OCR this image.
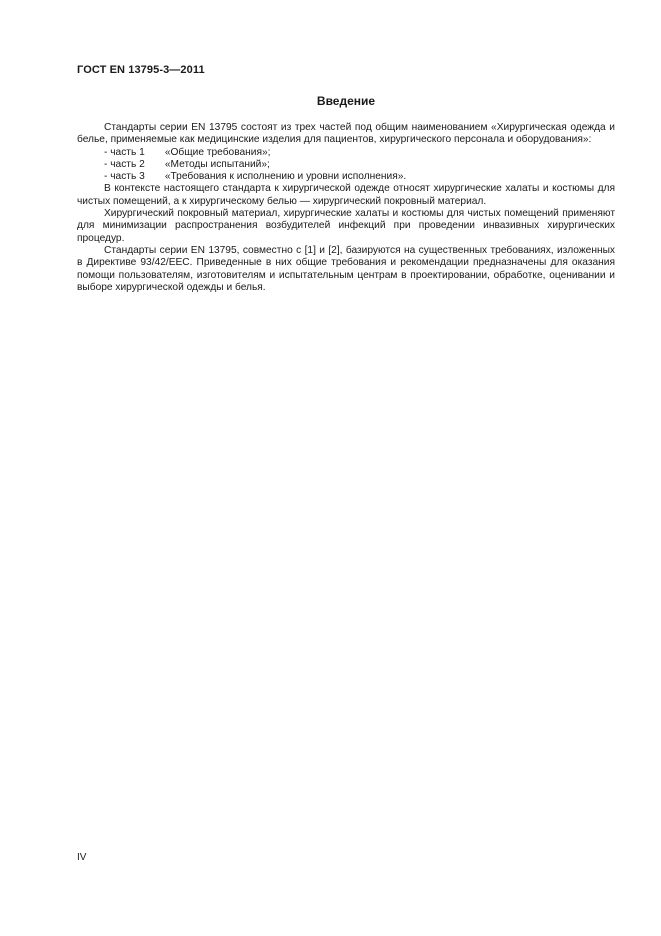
ГОСТ EN 13795-3—2011
Введение

Стандарты серии EN 13795 состоят из трех частей под общим наименованием «Хирургическая одежда и белье, применяемые как медицинские изделия для пациентов, хирургического персонала и оборудования»:

- часть 1 «Общие требования»;
- часть 2 «Методы испытаний»;
- часть 3 «Требования к исполнению и уровни исполнения».

В контексте настоящего стандарта к хирургической одежде относят хирургические халаты и костюмы для чистых помещений, а к хирургическому белью — хирургический покровный материал.

Хирургический покровный материал, хирургические халаты и костюмы для чистых помещений применяют для минимизации распространения возбудителей инфекций при проведении инвазивных хирургических процедур.

Стандарты серии EN 13795, совместно с [1] и [2], базируются на существенных требованиях, изложенных в Директиве 93/42/EEC. Приведенные в них общие требования и рекомендации предназначены для оказания помощи пользователям, изготовителям и испытательным центрам в проектировании, обработке, оценивании и выборе хирургической одежды и белья.

IV
